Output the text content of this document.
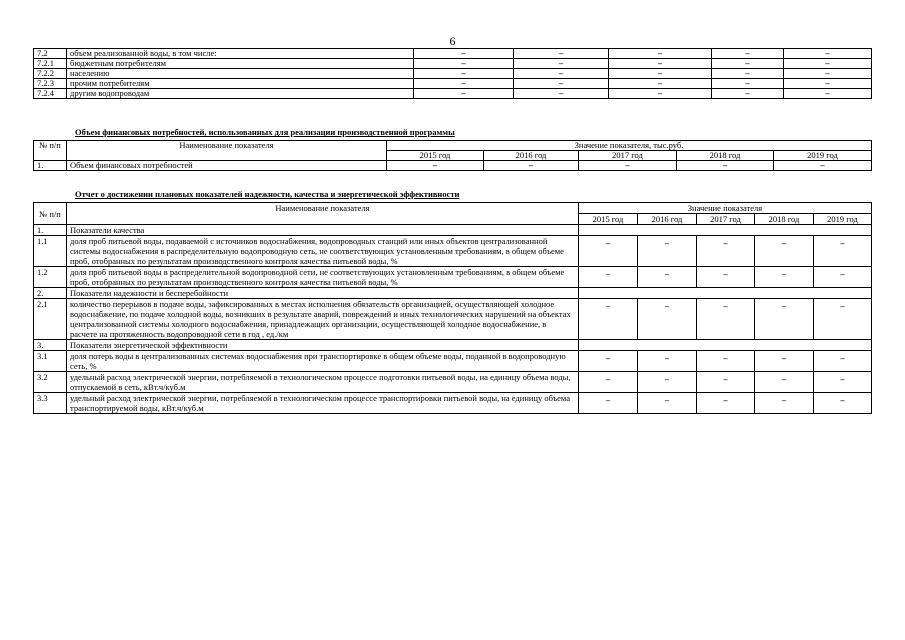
6
7.2	объем реализованной воды, в том числе:	–	–	–	–	–
7.2.1	бюджетным потребителям	–	–	–	–	–
7.2.2	населению	–	–	–	–	–
7.2.3	прочим потребителям	–	–	–	–	–
7.2.4	другим водопроводам	–	–	–	–	–
Объем финансовых потребностей, использованных для реализации производственной программы
№ п/п	Наименование показателя	Значение показателя, тыс.руб.				
		2015 год	2016 год	2017 год	2018 год	2019 год
1.	Объем финансовых потребностей	–	–	–	–	–
Отчет о достижении плановых показателей надежности, качества и энергетической эффективности
№ п/п	Наименование показателя	Значение показателя				
		2015 год	2016 год	2017 год	2018 год	2019 год
1.	Показатели качества					
1.1	доля проб питьевой воды, подаваемой с источников водоснабжения, водопроводных станций или иных объектов централизованной системы водоснабжения в распределительную водопроводную сеть, не соответствующих установленным требованиям, в общем объеме проб, отобранных по результатам производственного контроля качества питьевой воды, %	–	–	–	–	–
1.2	доля проб питьевой воды в распределительной водопроводной сети, не соответствующих установленным требованиям, в общем объеме проб, отобранных по результатам производственного контроля качества питьевой воды, %	–	–	–	–	–
2.	Показатели надежности и бесперебойности					
2.1	количество перерывов в подаче воды, зафиксированных в местах исполнения обязательств организацией, осуществляющей холодное водоснабжение, по подаче холодной воды, возникших в результате аварий, повреждений и иных технологических нарушений на объектах централизованной системы холодного водоснабжения, принадлежащих организации, осуществляющей холодное водоснабжение, в расчете на протяженность водопроводной сети в год , ед./км	–	–	–	–	–
3.	Показатели энергетической эффективности					
3.1	доля потерь воды в централизованных системах водоснабжения при транспортировке в общем объеме воды, поданной в водопроводную сеть, %	–	–	–	–	–
3.2	удельный расход электрической энергии, потребляемой в технологическом процессе подготовки питьевой воды, на единицу объема воды, отпускаемой в сеть, кВт.ч/куб.м	–	–	–	–	–
3.3	удельный расход электрической энергии, потребляемой в технологическом процессе транспортировки питьевой воды, на единицу объема транспортируемой воды, кВт.ч/куб.м	–	–	–	–	–
